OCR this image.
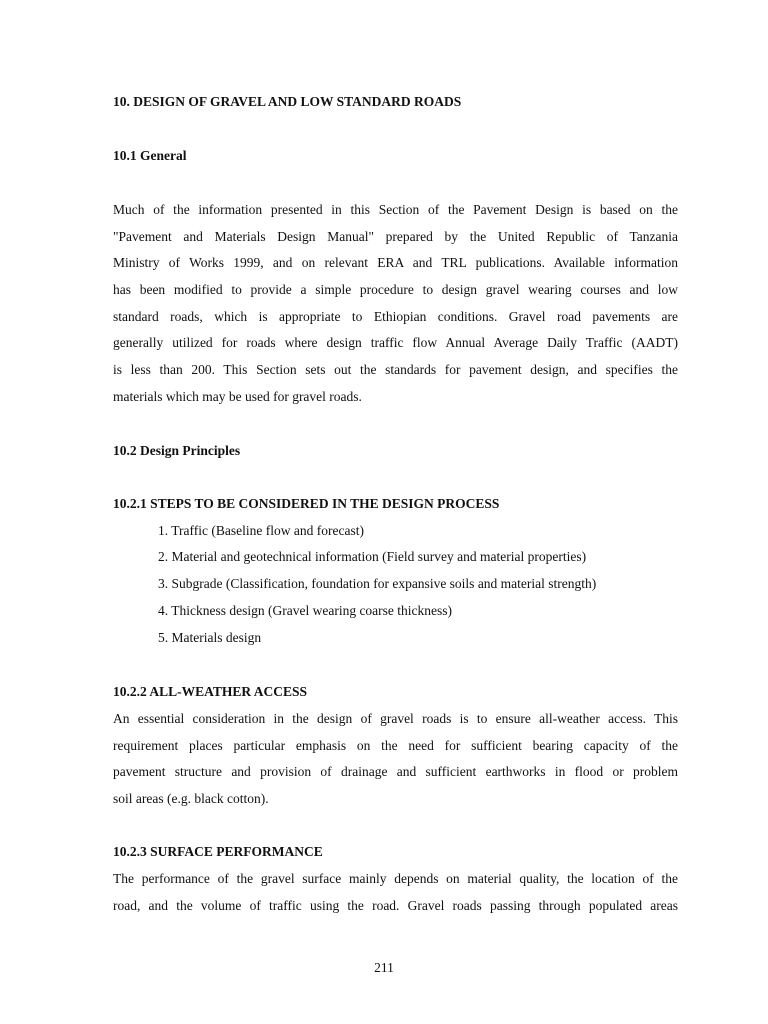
10. DESIGN OF GRAVEL AND LOW STANDARD ROADS
10.1 General
Much of the information presented in this Section of the Pavement Design is based on the
"Pavement and Materials Design Manual" prepared by the United Republic of Tanzania
Ministry of Works 1999, and on relevant ERA and TRL publications. Available information
has been modified to provide a simple procedure to design gravel wearing courses and low
standard roads, which is appropriate to Ethiopian conditions. Gravel road pavements are
generally utilized for roads where design traffic flow Annual Average Daily Traffic (AADT)
is less than 200. This Section sets out the standards for pavement design, and specifies the
materials which may be used for gravel roads.
10.2 Design Principles
10.2.1 STEPS TO BE CONSIDERED IN THE DESIGN PROCESS
1. Traffic (Baseline flow and forecast)
2. Material and geotechnical information (Field survey and material properties)
3. Subgrade (Classification, foundation for expansive soils and material strength)
4. Thickness design (Gravel wearing coarse thickness)
5. Materials design
10.2.2 ALL-WEATHER ACCESS
An essential consideration in the design of gravel roads is to ensure all-weather access. This
requirement places particular emphasis on the need for sufficient bearing capacity of the
pavement structure and provision of drainage and sufficient earthworks in flood or problem
soil areas (e.g. black cotton).
10.2.3 SURFACE PERFORMANCE
The performance of the gravel surface mainly depends on material quality, the location of the
road, and the volume of traffic using the road. Gravel roads passing through populated areas
211
